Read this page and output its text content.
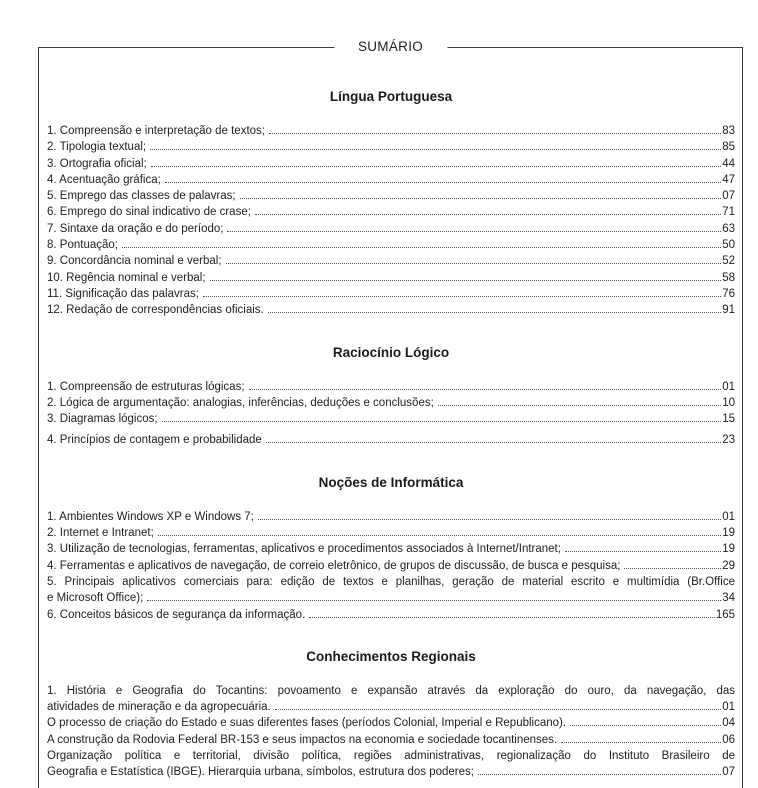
SUMÁRIO
Língua Portuguesa
1. Compreensão e interpretação de textos;	83
2. Tipologia textual;	85
3. Ortografia oficial;	44
4. Acentuação gráfica;	47
5. Emprego das classes de palavras;	07
6. Emprego do sinal indicativo de crase;	71
7. Sintaxe da oração e do período;	63
8. Pontuação;	50
9. Concordância nominal e verbal;	52
10. Regência nominal e verbal;	58
11. Significação das palavras;	76
12. Redação de correspondências oficiais.	91
Raciocínio Lógico
1. Compreensão de estruturas lógicas;	01
2. Lógica de argumentação: analogias, inferências, deduções e conclusões;	10
3. Diagramas lógicos;	15
4. Princípios de contagem e probabilidade	23
Noções de Informática
1. Ambientes Windows XP e Windows 7;	01
2. Internet e Intranet;	19
3. Utilização de tecnologias, ferramentas, aplicativos e procedimentos associados à Internet/Intranet;	19
4. Ferramentas e aplicativos de navegação, de correio eletrônico, de grupos de discussão, de busca e pesquisa;	29
5. Principais aplicativos comerciais para: edição de textos e planilhas, geração de material escrito e multimídia (Br.Office
e Microsoft Office);	34
6. Conceitos básicos de segurança da informação.	165
Conhecimentos Regionais
1. História e Geografia do Tocantins: povoamento e expansão através da exploração do ouro, da navegação, das
atividades de mineração e da agropecuária.	01
O processo de criação do Estado e suas diferentes fases (períodos Colonial, Imperial e Republicano).	04
A construção da Rodovia Federal BR-153 e seus impactos na economia e sociedade tocantinenses.	06
Organização política e territorial, divisão política, regiões administrativas, regionalização do Instituto Brasileiro de
Geografia e Estatística (IBGE). Hierarquia urbana, símbolos, estrutura dos poderes;	07
